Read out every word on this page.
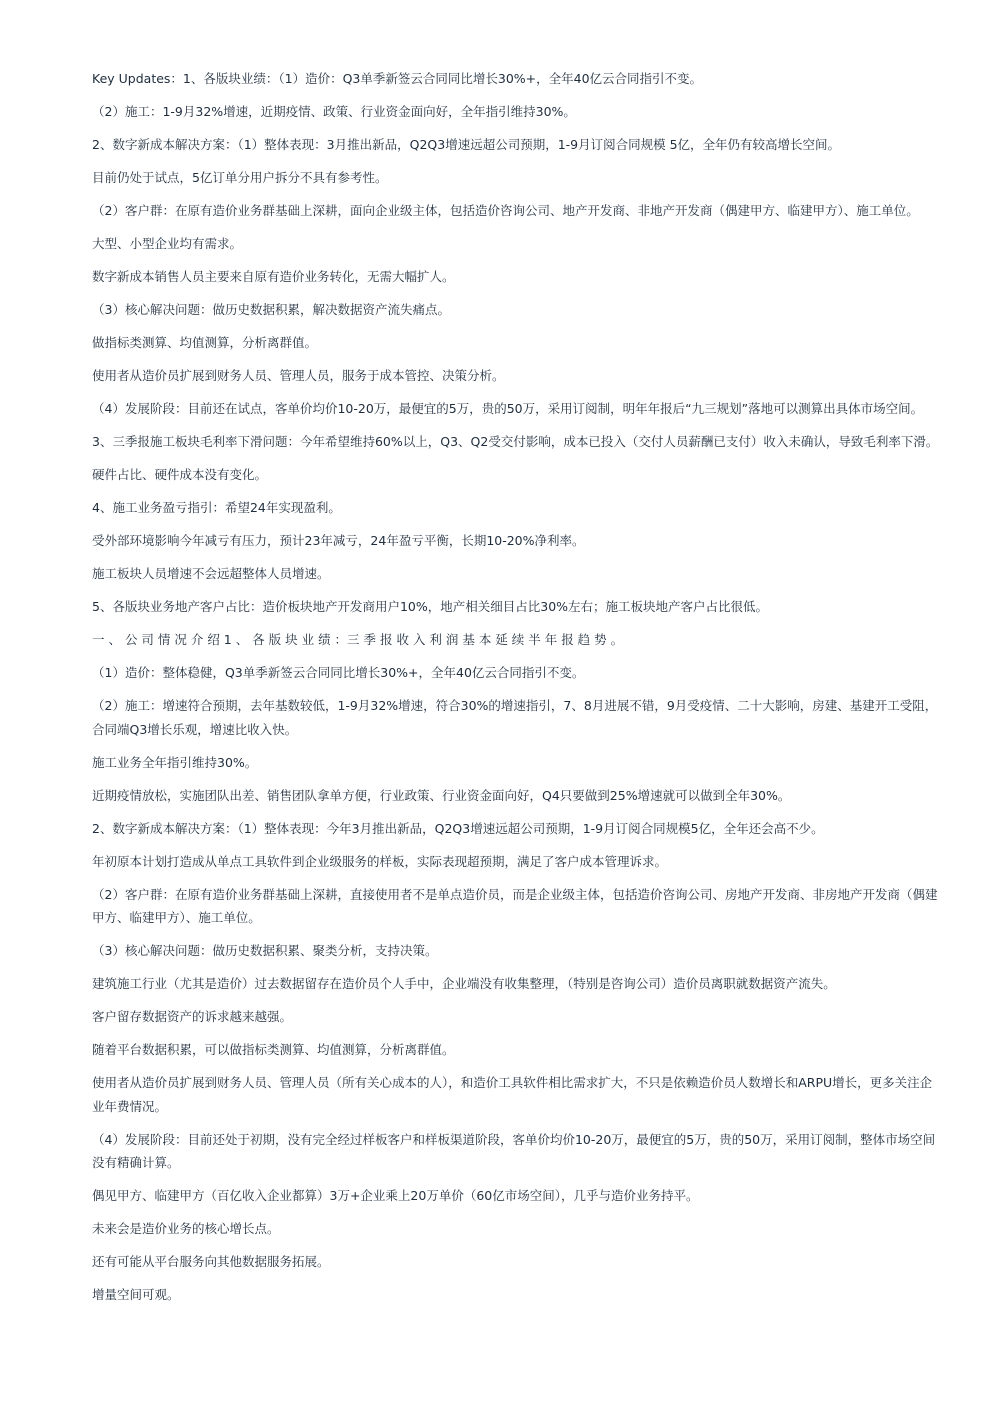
Key Updates：1、各版块业绩：（1）造价：Q3单季新签云合同同比增长30%+，全年40亿云合同指引不变。

（2）施工：1-9月32%增速，近期疫情、政策、行业资金面向好，全年指引维持30%。

2、数字新成本解决方案：（1）整体表现：3月推出新品，Q2Q3增速远超公司预期，1-9月订阅合同规模 5亿，全年仍有较高增长空间。

目前仍处于试点，5亿订单分用户拆分不具有参考性。

（2）客户群：在原有造价业务群基础上深耕，面向企业级主体，包括造价咨询公司、地产开发商、非地产开发商（偶建甲方、临建甲方）、施工单位。

大型、小型企业均有需求。

数字新成本销售人员主要来自原有造价业务转化，无需大幅扩人。

（3）核心解决问题：做历史数据积累，解决数据资产流失痛点。

做指标类测算、均值测算，分析离群值。

使用者从造价员扩展到财务人员、管理人员，服务于成本管控、决策分析。

（4）发展阶段：目前还在试点，客单价均价10-20万，最便宜的5万，贵的50万，采用订阅制，明年年报后“九三规划”落地可以测算出具体市场空间。

3、三季报施工板块毛利率下滑问题：今年希望维持60%以上，Q3、Q2受交付影响，成本已投入（交付人员薪酬已支付）收入未确认，导致毛利率下滑。

硬件占比、硬件成本没有变化。

4、施工业务盈亏指引：希望24年实现盈利。

受外部环境影响今年减亏有压力，预计23年减亏，24年盈亏平衡，长期10-20%净利率。

施工板块人员增速不会远超整体人员增速。

5、各版块业务地产客户占比：造价板块地产开发商用户10%，地产相关细目占比30%左右；施工板块地产客户占比很低。

一 、 公 司 情 况 介 绍 1 、 各 版 块 业 绩 ：三 季 报 收 入 利 润 基 本 延 续 半 年 报 趋 势 。

（1）造价：整体稳健，Q3单季新签云合同同比增长30%+，全年40亿云合同指引不变。

（2）施工：增速符合预期，去年基数较低，1-9月32%增速，符合30%的增速指引，7、8月进展不错，9月受疫情、二十大影响，房建、基建开工受阻，合同端Q3增长乐观，增速比收入快。

施工业务全年指引维持30%。

近期疫情放松，实施团队出差、销售团队拿单方便，行业政策、行业资金面向好，Q4只要做到25%增速就可以做到全年30%。

2、数字新成本解决方案：（1）整体表现：今年3月推出新品，Q2Q3增速远超公司预期，1-9月订阅合同规模5亿，全年还会高不少。

年初原本计划打造成从单点工具软件到企业级服务的样板，实际表现超预期，满足了客户成本管理诉求。

（2）客户群：在原有造价业务群基础上深耕，直接使用者不是单点造价员，而是企业级主体，包括造价咨询公司、房地产开发商、非房地产开发商（偶建甲方、临建甲方）、施工单位。

（3）核心解决问题：做历史数据积累、聚类分析，支持决策。

建筑施工行业（尤其是造价）过去数据留存在造价员个人手中，企业端没有收集整理，（特别是咨询公司）造价员离职就数据资产流失。

客户留存数据资产的诉求越来越强。

随着平台数据积累，可以做指标类测算、均值测算，分析离群值。

使用者从造价员扩展到财务人员、管理人员（所有关心成本的人），和造价工具软件相比需求扩大，不只是依赖造价员人数增长和ARPU增长，更多关注企业年费情况。

（4）发展阶段：目前还处于初期，没有完全经过样板客户和样板渠道阶段，客单价均价10-20万，最便宜的5万，贵的50万，采用订阅制，整体市场空间没有精确计算。

偶见甲方、临建甲方（百亿收入企业都算）3万+企业乘上20万单价（60亿市场空间），几乎与造价业务持平。

未来会是造价业务的核心增长点。

还有可能从平台服务向其他数据服务拓展。

增量空间可观。
